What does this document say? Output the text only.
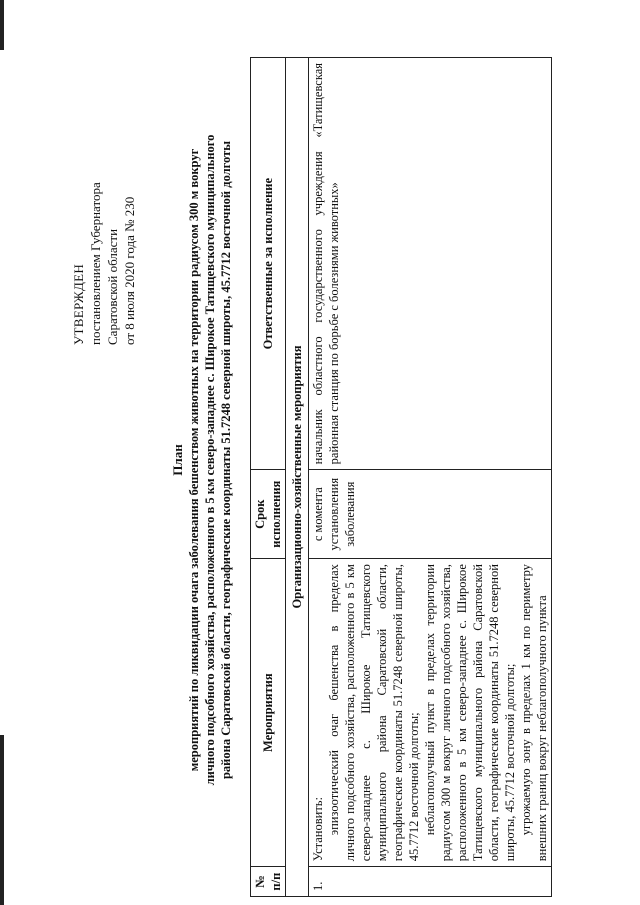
УТВЕРЖДЕН постановлением Губернатора Саратовской области от 8 июля 2020 года № 230
План мероприятий по ликвидации очага заболевания бешенством животных на территории радиусом 300 м вокруг личного подсобного хозяйства, расположенного в 5 км северо-западнее с. Широкое Татищевского муниципального района Саратовской области, географические координаты 51.7248 северной широты, 45.7712 восточной долготы
№ п/п	Мероприятия	Срок исполнения	Ответственные за исполнение
Организационно-хозяйственные мероприятия			
1.	Установить: эпизоотический очаг бешенства в пределах личного подсобного хозяйства, расположенного в 5 км северо-западнее с. Широкое Татищевского муниципального района Саратовской области, географические координаты 51.7248 северной широты, 45.7712 восточной долготы; неблагополучный пункт в пределах территории радиусом 300 м вокруг личного подсобного хозяйства, расположенного в 5 км северо-западнее с. Широкое Татищевского муниципального района Саратовской области, географические координаты 51.7248 северной широты, 45.7712 восточной долготы; угрожаемую зону в пределах 1 км по периметру внешних границ вокруг неблагополучного пункта	с момента установления заболевания	начальник областного государственного учреждения «Татищевская районная станция по борьбе с болезнями животных»
